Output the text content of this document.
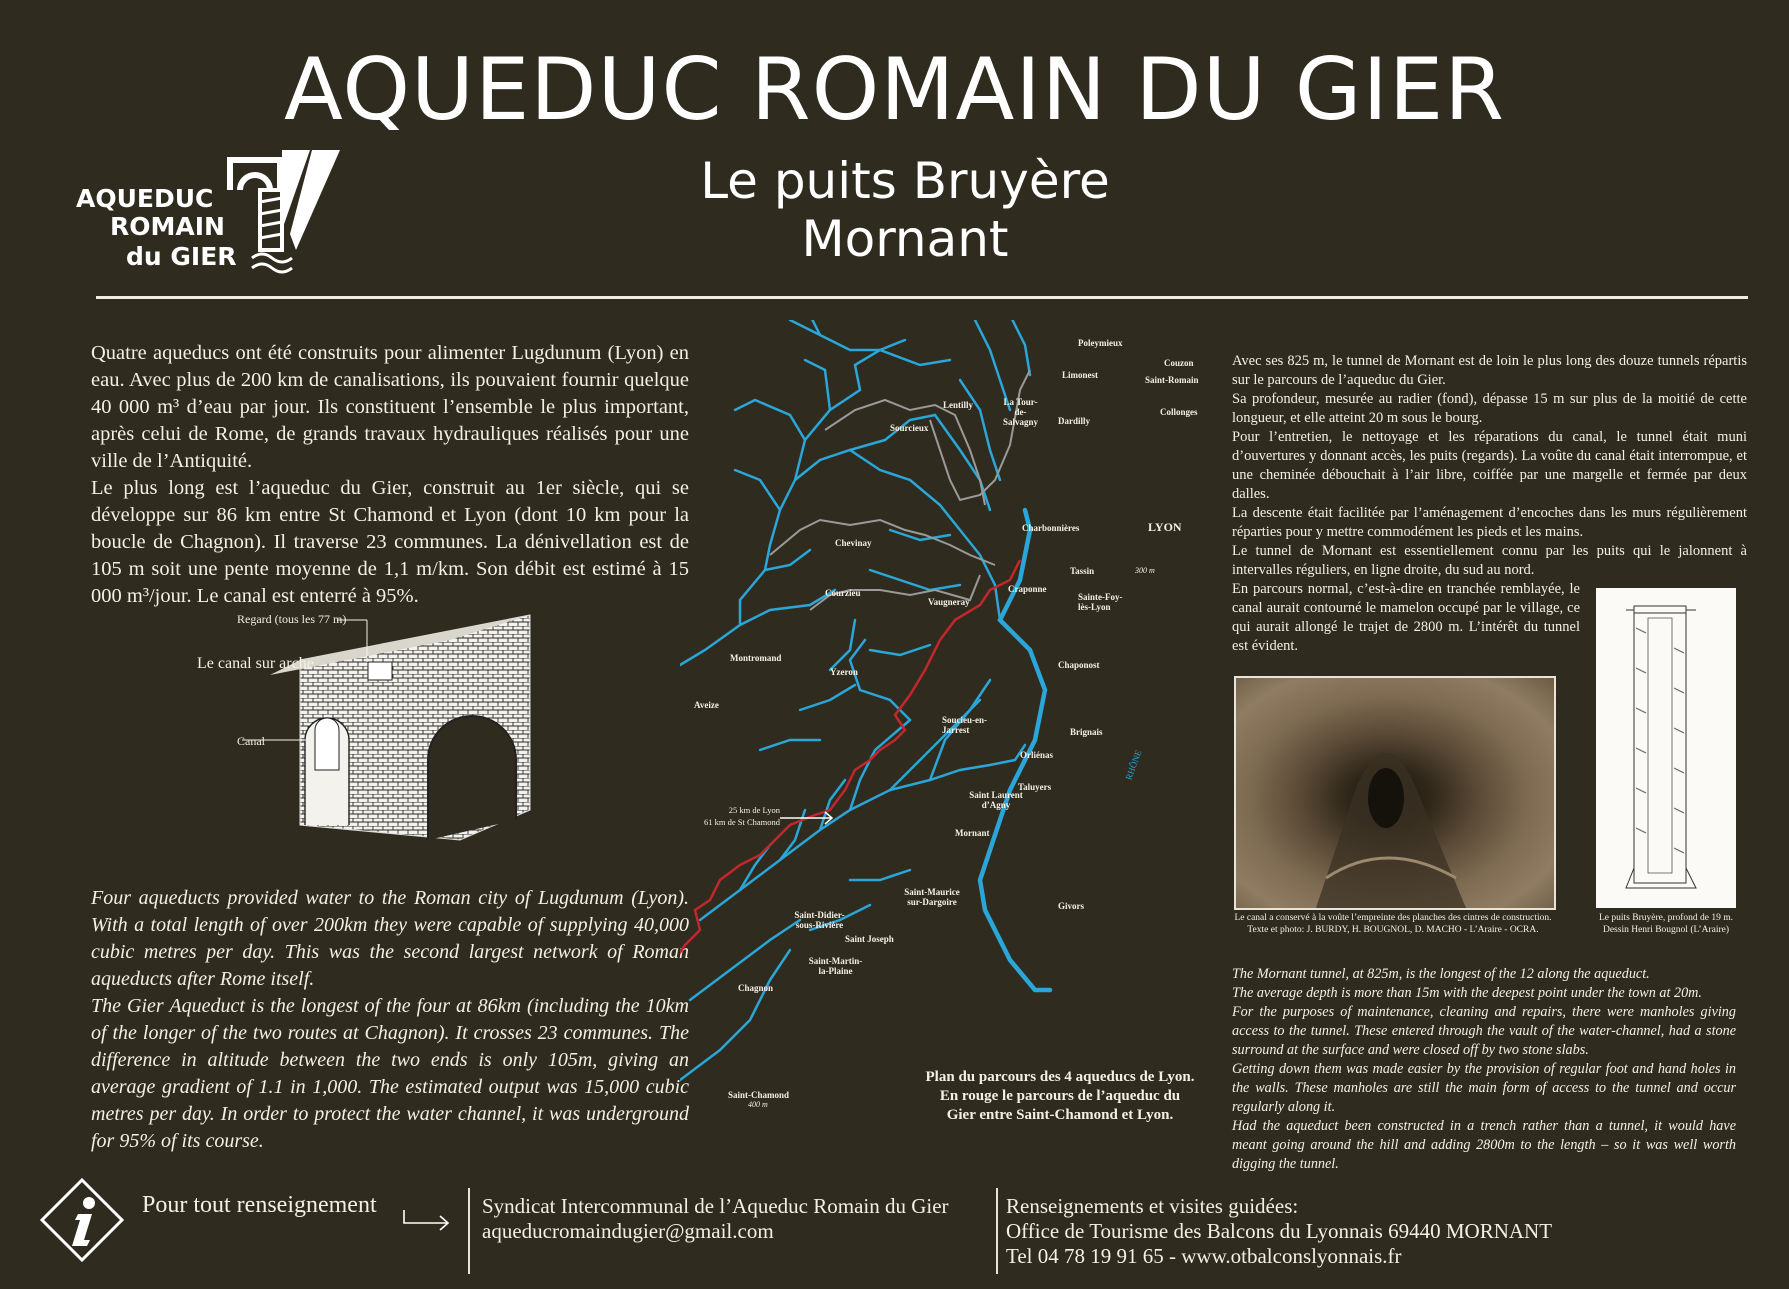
AQUEDUC ROMAIN DU GIER
Le puits Bruyère
Mornant
AQUEDUC
ROMAIN
du GIER

Quatre aqueducs ont été construits pour alimenter Lugdunum (Lyon) en eau. Avec plus de 200 km de canalisations, ils pouvaient fournir quelque 40 000 m³ d’eau par jour. Ils constituent l’ensemble le plus important, après celui de Rome, de grands travaux hydrauliques réalisés pour une ville de l’Antiquité.

Le plus long est l’aqueduc du Gier, construit au 1er siècle, qui se développe sur 86 km entre St Chamond et Lyon (dont 10 km pour la boucle de Chagnon). Il traverse 23 communes. La dénivellation est de 105 m soit une pente moyenne de 1,1 m/km. Son débit est estimé à 15 000 m³/jour. Le canal est enterré à 95%.

Regard (tous les 77 m)
Le canal sur arche
Canal

Four aqueducts provided water to the Roman city of Lugdunum (Lyon). With a total length of over 200km they were capable of supplying 40,000 cubic metres per day. This was the second largest network of Roman aqueducts after Rome itself.

The Gier Aqueduct is the longest of the four at 86km (including the 10km of the longer of the two routes at Chagnon). It crosses 23 communes. The difference in altitude between the two ends is only 105m, giving an average gradient of 1.1 in 1,000. The estimated output was 15,000 cubic metres per day. In order to protect the water channel, it was underground for 95% of its course.

Poleymieux
Couzon
Limonest	Saint-Romain
Collonges
Lentilly	La Tour-de-Salvagny	Dardilly
Sourcieux
LYON
Charbonnières
Chevinay
Tassin
Craponne
Courzieu
Vaugneray	Sainte-Foy-lès-Lyon
Chaponost
Montromand
Yzeron
Aveize
Soucieu-en-Jarrest	Brignais
Orliénas
Taluyers
Saint Laurent d’Agny
Mornant
Saint-Maurice sur-Dargoire	Givors
Saint-Didier-sous-Rivière
Saint Joseph
Saint-Martin-la-Plaine
Chagnon
Saint-Chamond
300 m
400 m
RHÔNE
25 km de Lyon
61 km de St Chamond
Plan du parcours des 4 aqueducs de Lyon. En rouge le parcours de l’aqueduc du Gier entre Saint-Chamond et Lyon.

Avec ses 825 m, le tunnel de Mornant est de loin le plus long des douze tunnels répartis sur le parcours de l’aqueduc du Gier.

Sa profondeur, mesurée au radier (fond), dépasse 15 m sur plus de la moitié de cette longueur, et elle atteint 20 m sous le bourg.

Pour l’entretien, le nettoyage et les réparations du canal, le tunnel était muni d’ouvertures y donnant accès, les puits (regards). La voûte du canal était interrompue, et une cheminée débouchait à l’air libre, coiffée par une margelle et fermée par deux dalles.

La descente était facilitée par l’aménagement d’encoches dans les murs régulièrement réparties pour y mettre commodément les pieds et les mains.

Le tunnel de Mornant est essentiellement connu par les puits qui le jalonnent à intervalles réguliers, en ligne droite, du sud au nord.

En parcours normal, c’est-à-dire en tranchée remblayée, le canal aurait contourné le mamelon occupé par le village, ce qui aurait allongé le trajet de 2800 m. L’intérêt du tunnel est évident.

Le canal a conservé à la voûte l’empreinte des planches des cintres de construction. Texte et photo: J. BURDY, H. BOUGNOL, D. MACHO - L’Araire - OCRA.
Le puits Bruyère, profond de 19 m. Dessin Henri Bougnol (L’Araire)

The Mornant tunnel, at 825m, is the longest of the 12 along the aqueduct.

The average depth is more than 15m with the deepest point under the town at 20m.

For the purposes of maintenance, cleaning and repairs, there were manholes giving access to the tunnel. These entered through the vault of the water-channel, had a stone surround at the surface and were closed off by two stone slabs.

Getting down them was made easier by the provision of regular foot and hand holes in the walls. These manholes are still the main form of access to the tunnel and occur regularly along it.

Had the aqueduct been constructed in a trench rather than a tunnel, it would have meant going around the hill and adding 2800m to the length – so it was well worth digging the tunnel.

Pour tout renseignement	Syndicat Intercommunal de l’Aqueduc Romain du Gier
aqueducromaindugier@gmail.com
Renseignements et visites guidées:
Office de Tourisme des Balcons du Lyonnais 69440 MORNANT
Tel 04 78 19 91 65 - www.otbalconslyonnais.fr
